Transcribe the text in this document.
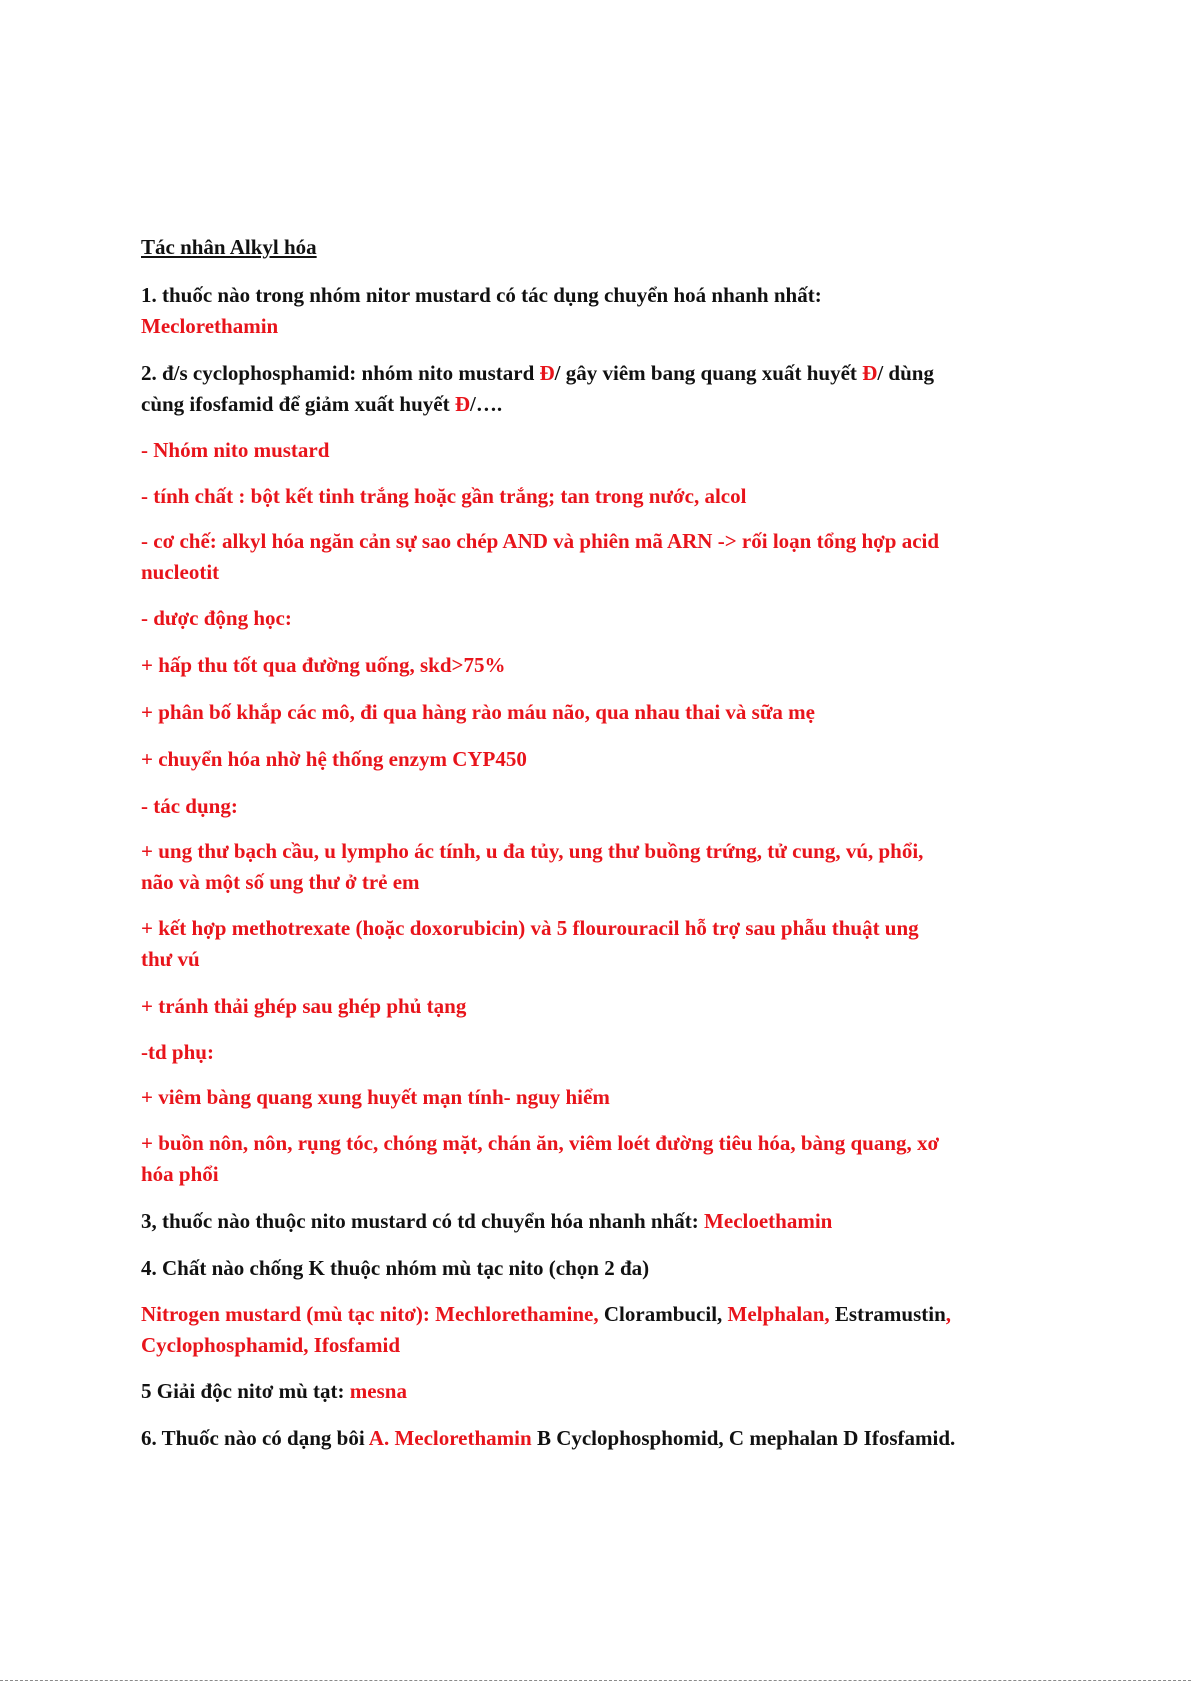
Tác nhân Alkyl hóa
1. thuốc nào trong nhóm nitor mustard có tác dụng chuyển hoá nhanh nhất:
Meclorethamin
2. đ/s cyclophosphamid: nhóm nito mustard Đ/ gây viêm bang quang xuất huyết Đ/ dùng
cùng ifosfamid để giảm xuất huyết Đ/….
- Nhóm nito mustard
- tính chất : bột kết tinh trắng hoặc gần trắng; tan trong nước, alcol
- cơ chế: alkyl hóa ngăn cản sự sao chép AND và phiên mã ARN -> rối loạn tổng hợp acid
nucleotit
- dược động học:
+ hấp thu tốt qua đường uống, skd>75%
+ phân bố khắp các mô, đi qua hàng rào máu não, qua nhau thai và sữa mẹ
+ chuyển hóa nhờ hệ thống enzym CYP450
- tác dụng:
+ ung thư bạch cầu, u lympho ác tính, u đa tủy, ung thư buồng trứng, tử cung, vú, phổi,
não và một số ung thư ở trẻ em
+ kết hợp methotrexate (hoặc doxorubicin) và 5 flourouracil hỗ trợ sau phẫu thuật ung
thư vú
+ tránh thải ghép sau ghép phủ tạng
-td phụ:
+ viêm bàng quang xung huyết mạn tính- nguy hiểm
+ buồn nôn, nôn, rụng tóc, chóng mặt, chán ăn, viêm loét đường tiêu hóa, bàng quang, xơ
hóa phổi
3, thuốc nào thuộc nito mustard có td chuyển hóa nhanh nhất: Mecloethamin
4. Chất nào chống K thuộc nhóm mù tạc nito (chọn 2 đa)
Nitrogen mustard (mù tạc nitơ): Mechlorethamine, Clorambucil, Melphalan, Estramustin,
Cyclophosphamid, Ifosfamid
5 Giải độc nitơ mù tạt: mesna
6. Thuốc nào có dạng bôi A. Meclorethamin B Cyclophosphomid, C mephalan D Ifosfamid.
